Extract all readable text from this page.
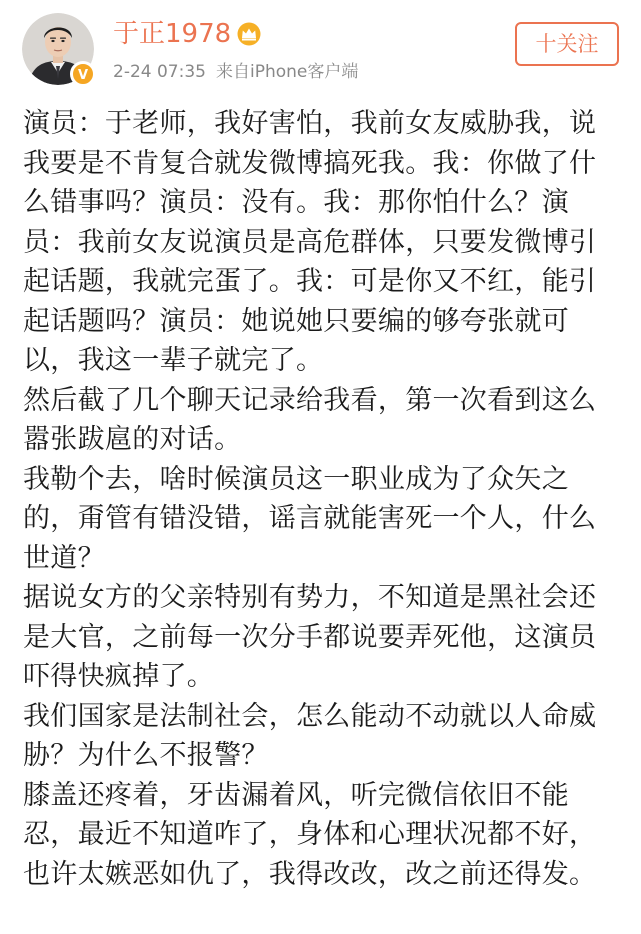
V
于正1978
2-24 07:35 来自iPhone客户端
十关注

演员：于老师，我好害怕，我前女友威胁我，说我要是不肯复合就发微博搞死我。我：你做了什么错事吗？演员：没有。我：那你怕什么？演员：我前女友说演员是高危群体，只要发微博引起话题，我就完蛋了。我：可是你又不红，能引起话题吗？演员：她说她只要编的够夸张就可以，我这一辈子就完了。

然后截了几个聊天记录给我看，第一次看到这么嚣张跋扈的对话。

我勒个去，啥时候演员这一职业成为了众矢之的，甭管有错没错，谣言就能害死一个人，什么世道？

据说女方的父亲特别有势力，不知道是黑社会还是大官，之前每一次分手都说要弄死他，这演员吓得快疯掉了。

我们国家是法制社会，怎么能动不动就以人命威胁？为什么不报警？

膝盖还疼着，牙齿漏着风，听完微信依旧不能忍，最近不知道咋了，身体和心理状况都不好，也许太嫉恶如仇了，我得改改，改之前还得发。
